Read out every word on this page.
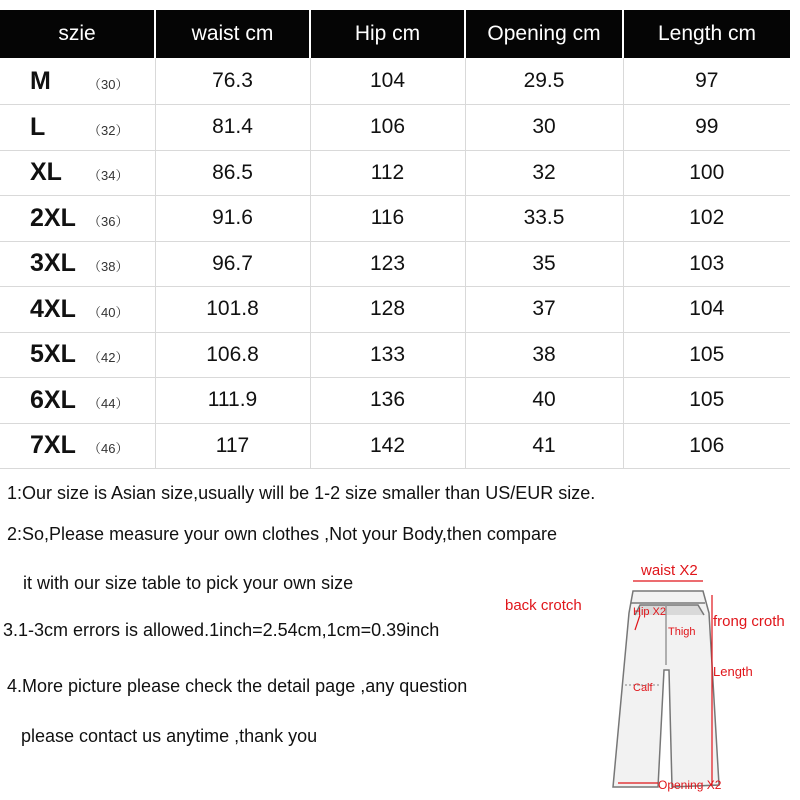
szie	waist cm	Hip cm	Opening cm	Length cm
M （30）	76.3	104	29.5	97
L （32）	81.4	106	30	99
XL （34）	86.5	112	32	100
2XL （36）	91.6	116	33.5	102
3XL （38）	96.7	123	35	103
4XL （40）	101.8	128	37	104
5XL （42）	106.8	133	38	105
6XL （44）	111.9	136	40	105
7XL （46）	117	142	41	106
1:Our size is Asian size,usually will be 1-2 size smaller than US/EUR size.
2:So,Please measure your own clothes ,Not your Body,then compare
it with our size table to pick your own size
3.1-3cm errors is allowed.1inch=2.54cm,1cm=0.39inch
4.More picture please check the detail page ,any question
please contact us anytime ,thank you
waist X2
back crotch	Hip X2
Thigh
frong croth
Length
Calf
Opening X2
